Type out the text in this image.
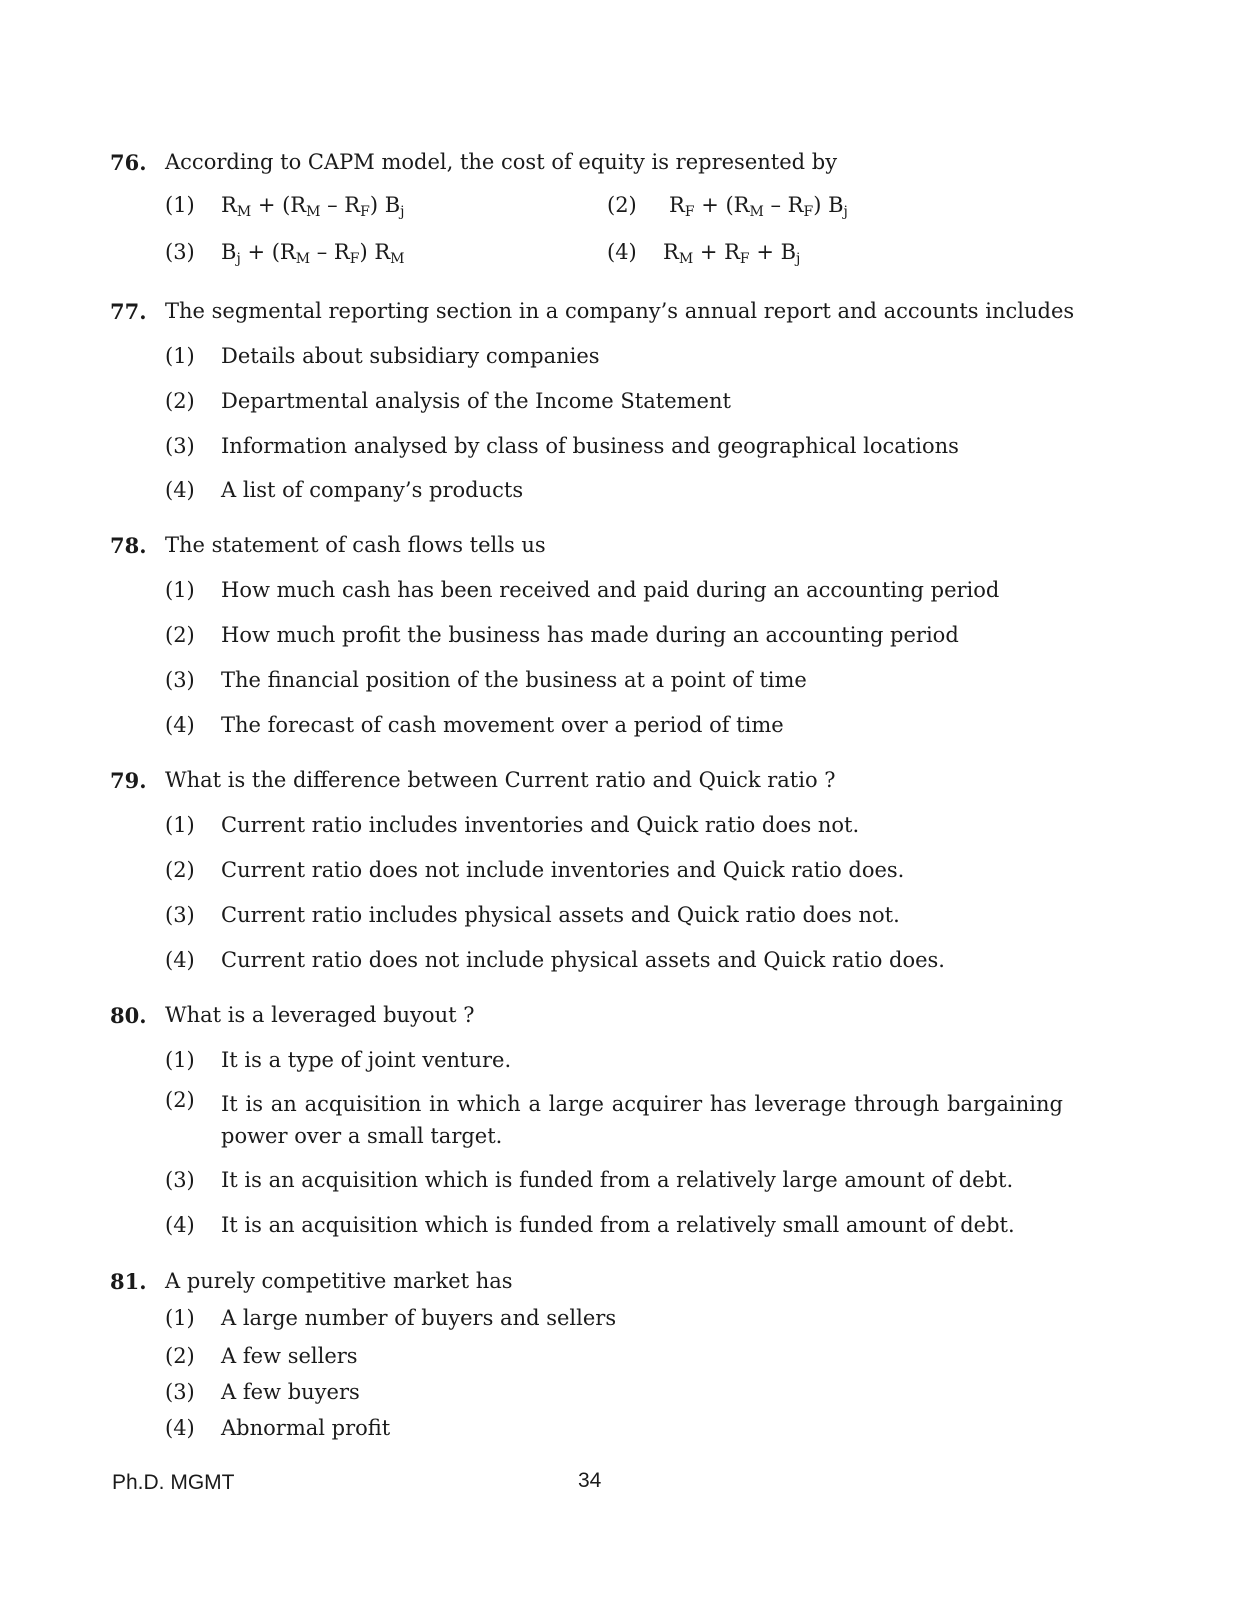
76. According to CAPM model, the cost of equity is represented by
(1) $R_M + (R_M - R_F)$ $B_j$	(2) $R_F + (R_M - R_F)$ $B_j$
(3) $B_j + (R_M - R_F)$ $R_M$	(4) $R_M + R_F + B_j$
77. The segmental reporting section in a company’s annual report and accounts includes
(1) Details about subsidiary companies
(2) Departmental analysis of the Income Statement
(3) Information analysed by class of business and geographical locations
(4) A list of company’s products
78. The statement of cash flows tells us
(1) How much cash has been received and paid during an accounting period
(2) How much profit the business has made during an accounting period
(3) The financial position of the business at a point of time
(4) The forecast of cash movement over a period of time
79. What is the difference between Current ratio and Quick ratio ?
(1) Current ratio includes inventories and Quick ratio does not.
(2) Current ratio does not include inventories and Quick ratio does.
(3) Current ratio includes physical assets and Quick ratio does not.
(4) Current ratio does not include physical assets and Quick ratio does.
80. What is a leveraged buyout ?
(1) It is a type of joint venture.
(2)	It is an acquisition in which a large acquirer has leverage through bargaining power over a small target.
(3) It is an acquisition which is funded from a relatively large amount of debt.
(4) It is an acquisition which is funded from a relatively small amount of debt.
81. A purely competitive market has
(1) A large number of buyers and sellers
(2) A few sellers
(3) A few buyers
(4) Abnormal profit
Ph.D. MGMT	34
